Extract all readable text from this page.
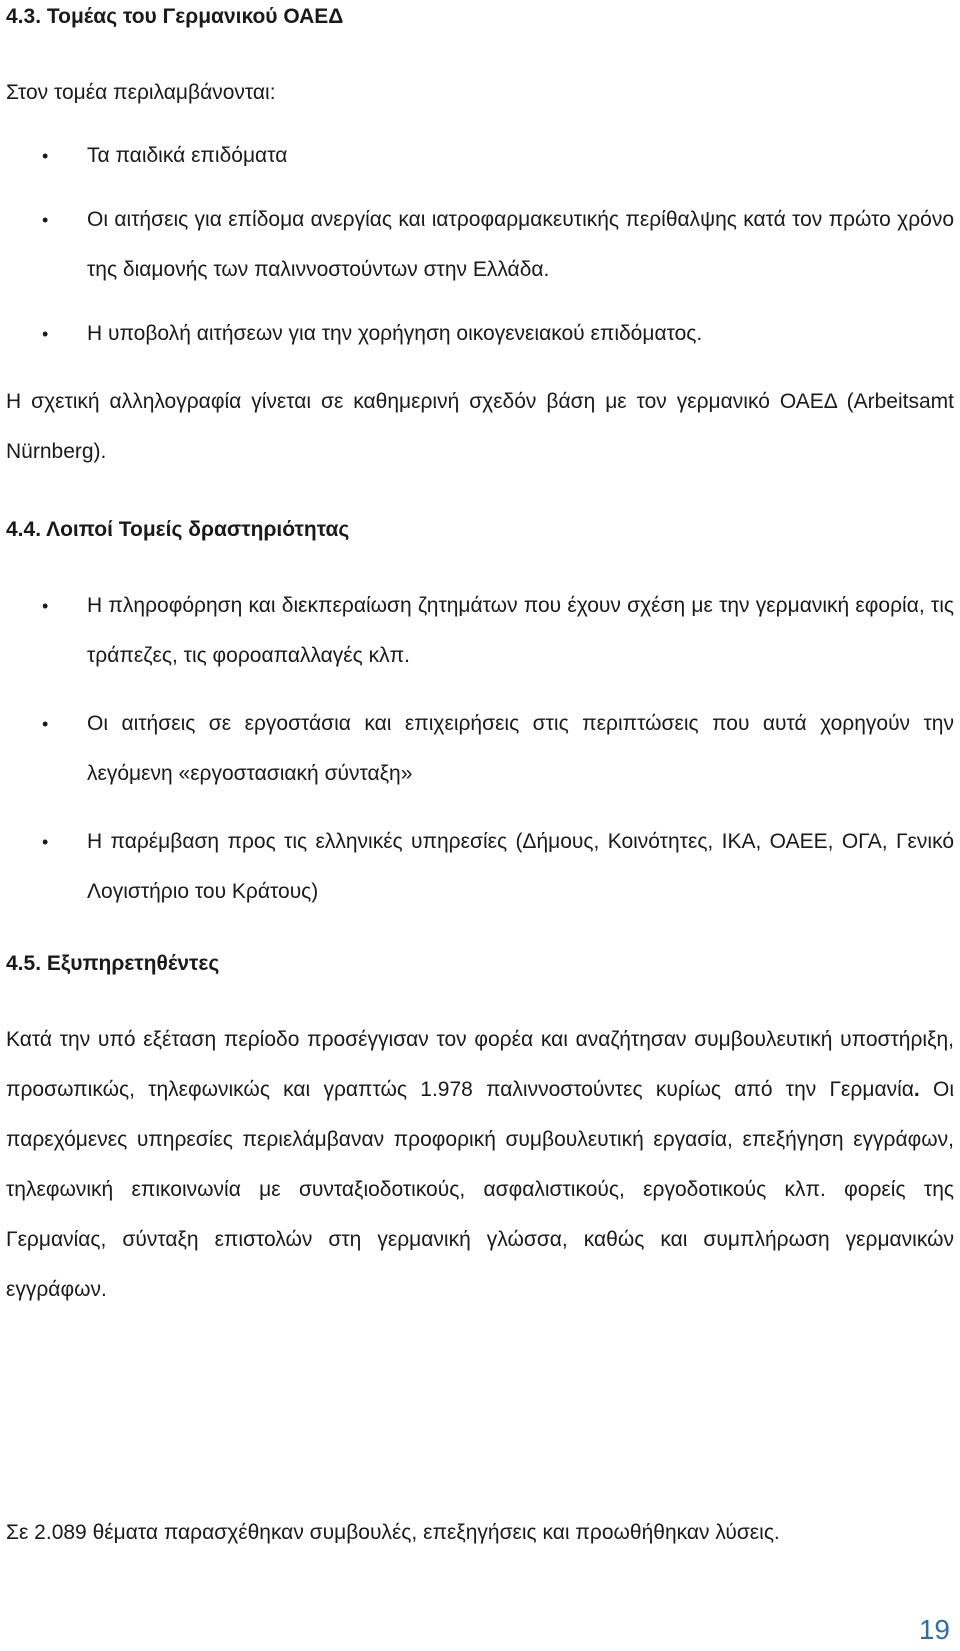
4.3. Τομέας του Γερμανικού ΟΑΕΔ

Στον τομέα περιλαμβάνονται:

• Τα παιδικά επιδόματα
• Οι αιτήσεις για επίδομα ανεργίας και ιατροφαρμακευτικής περίθαλψης κατά τον πρώτο χρόνο της διαμονής των παλιννοστούντων στην Ελλάδα.
• Η υποβολή αιτήσεων για την χορήγηση οικογενειακού επιδόματος.

Η σχετική αλληλογραφία γίνεται σε καθημερινή σχεδόν βάση με τον γερμανικό ΟΑΕΔ (Arbeitsamt Nürnberg).

4.4. Λοιποί Τομείς δραστηριότητας

• Η πληροφόρηση και διεκπεραίωση ζητημάτων που έχουν σχέση με την γερμανική εφορία, τις τράπεζες, τις φοροαπαλλαγές κλπ.
• Οι αιτήσεις σε εργοστάσια και επιχειρήσεις στις περιπτώσεις που αυτά χορηγούν την λεγόμενη «εργοστασιακή σύνταξη»
• Η παρέμβαση προς τις ελληνικές υπηρεσίες (Δήμους, Κοινότητες, ΙΚΑ, ΟΑΕΕ, ΟΓΑ, Γενικό Λογιστήριο του Κράτους)

4.5. Εξυπηρετηθέντες

Κατά την υπό εξέταση περίοδο προσέγγισαν τον φορέα και αναζήτησαν συμβουλευτική υποστήριξη, προσωπικώς, τηλεφωνικώς και γραπτώς 1.978 παλιννοστούντες κυρίως από την Γερμανία. Οι παρεχόμενες υπηρεσίες περιελάμβαναν προφορική συμβουλευτική εργασία, επεξήγηση εγγράφων, τηλεφωνική επικοινωνία με συνταξιοδοτικούς, ασφαλιστικούς, εργοδοτικούς κλπ. φορείς της Γερμανίας, σύνταξη επιστολών στη γερμανική γλώσσα, καθώς και συμπλήρωση γερμανικών εγγράφων.

Σε 2.089 θέματα παρασχέθηκαν συμβουλές, επεξηγήσεις και προωθήθηκαν λύσεις.

19
